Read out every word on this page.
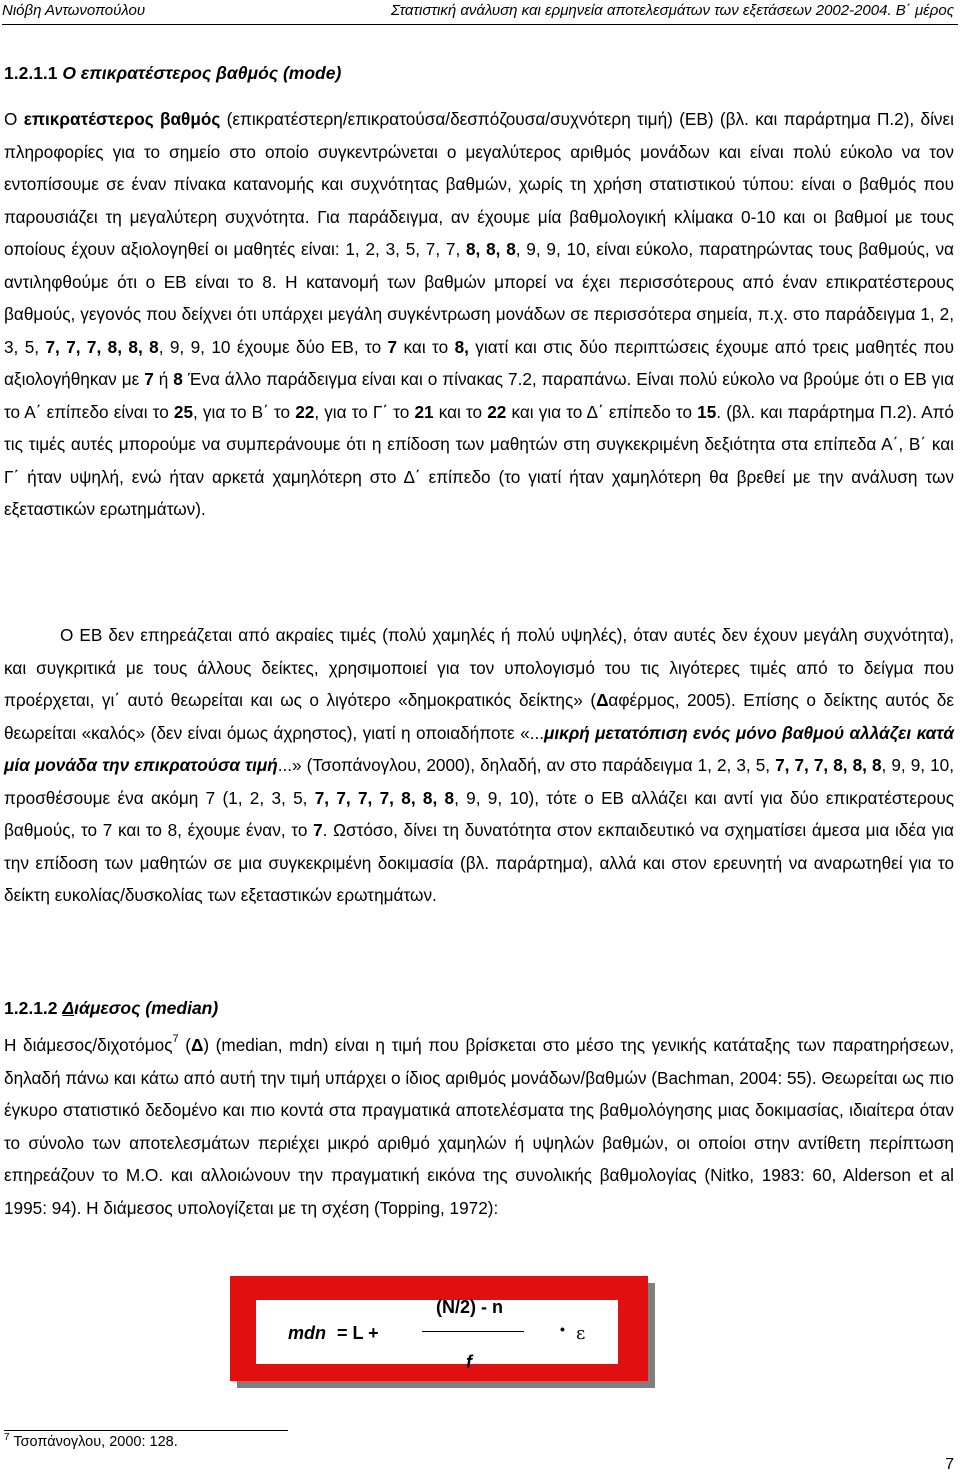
Νιόβη Αντωνοπούλου	Στατιστική ανάλυση και ερμηνεία αποτελεσμάτων των εξετάσεων 2002-2004. Β΄ μέρος
1.2.1.1 Ο επικρατέστερος βαθμός (mode)
Ο επικρατέστερος βαθμός (επικρατέστερη/επικρατούσα/δεσπόζουσα/συχνότερη τιμή) (ΕΒ) (βλ. και παράρτημα Π.2), δίνει πληροφορίες για το σημείο στο οποίο συγκεντρώνεται ο μεγαλύτερος αριθμός μονάδων και είναι πολύ εύκολο να τον εντοπίσουμε σε έναν πίνακα κατανομής και συχνότητας βαθμών, χωρίς τη χρήση στατιστικού τύπου: είναι ο βαθμός που παρουσιάζει τη μεγαλύτερη συχνότητα. Για παράδειγμα, αν έχουμε μία βαθμολογική κλίμακα 0-10 και οι βαθμοί με τους οποίους έχουν αξιολογηθεί οι μαθητές είναι: 1, 2, 3, 5, 7, 7, 8, 8, 8, 9, 9, 10, είναι εύκολο, παρατηρώντας τους βαθμούς, να αντιληφθούμε ότι ο ΕΒ είναι το 8. Η κατανομή των βαθμών μπορεί να έχει περισσότερους από έναν επικρατέστερους βαθμούς, γεγονός που δείχνει ότι υπάρχει μεγάλη συγκέντρωση μονάδων σε περισσότερα σημεία, π.χ. στο παράδειγμα 1, 2, 3, 5, 7, 7, 7, 8, 8, 8, 9, 9, 10 έχουμε δύο ΕΒ, το 7 και το 8, γιατί και στις δύο περιπτώσεις έχουμε από τρεις μαθητές που αξιολογήθηκαν με 7 ή 8 Ένα άλλο παράδειγμα είναι και ο πίνακας 7.2, παραπάνω. Είναι πολύ εύκολο να βρούμε ότι ο ΕΒ για το Α΄ επίπεδο είναι το 25, για το Β΄ το 22, για το Γ΄ το 21 και το 22 και για το Δ΄ επίπεδο το 15. (βλ. και παράρτημα Π.2). Από τις τιμές αυτές μπορούμε να συμπεράνουμε ότι η επίδοση των μαθητών στη συγκεκριμένη δεξιότητα στα επίπεδα Α΄, Β΄ και Γ΄ ήταν υψηλή, ενώ ήταν αρκετά χαμηλότερη στο Δ΄ επίπεδο (το γιατί ήταν χαμηλότερη θα βρεθεί με την ανάλυση των εξεταστικών ερωτημάτων).
Ο ΕΒ δεν επηρεάζεται από ακραίες τιμές (πολύ χαμηλές ή πολύ υψηλές), όταν αυτές δεν έχουν μεγάλη συχνότητα), και συγκριτικά με τους άλλους δείκτες, χρησιμοποιεί για τον υπολογισμό του τις λιγότερες τιμές από το δείγμα που προέρχεται, γι΄ αυτό θεωρείται και ως ο λιγότερο «δημοκρατικός δείκτης» (Δαφέρμος, 2005). Επίσης ο δείκτης αυτός δε θεωρείται «καλός» (δεν είναι όμως άχρηστος), γιατί η οποιαδήποτε «...μικρή μετατόπιση ενός μόνο βαθμού αλλάζει κατά μία μονάδα την επικρατούσα τιμή...» (Τσοπάνογλου, 2000), δηλαδή, αν στο παράδειγμα 1, 2, 3, 5, 7, 7, 7, 8, 8, 8, 9, 9, 10, προσθέσουμε ένα ακόμη 7 (1, 2, 3, 5, 7, 7, 7, 7, 8, 8, 8, 9, 9, 10), τότε ο ΕΒ αλλάζει και αντί για δύο επικρατέστερους βαθμούς, το 7 και το 8, έχουμε έναν, το 7. Ωστόσο, δίνει τη δυνατότητα στον εκπαιδευτικό να σχηματίσει άμεσα μια ιδέα για την επίδοση των μαθητών σε μια συγκεκριμένη δοκιμασία (βλ. παράρτημα), αλλά και στον ερευνητή να αναρωτηθεί για το δείκτη ευκολίας/δυσκολίας των εξεταστικών ερωτημάτων.
1.2.1.2 Διάμεσος (median)
Η διάμεσος/διχοτόμος$^7$ (Δ) (median, mdn) είναι η τιμή που βρίσκεται στο μέσο της γενικής κατάταξης των παρατηρήσεων, δηλαδή πάνω και κάτω από αυτή την τιμή υπάρχει ο ίδιος αριθμός μονάδων/βαθμών (Bachman, 2004: 55). Θεωρείται ως πιο έγκυρο στατιστικό δεδομένο και πιο κοντά στα πραγματικά αποτελέσματα της βαθμολόγησης μιας δοκιμασίας, ιδιαίτερα όταν το σύνολο των αποτελεσμάτων περιέχει μικρό αριθμό χαμηλών ή υψηλών βαθμών, οι οποίοι στην αντίθετη περίπτωση επηρεάζουν το Μ.Ο. και αλλοιώνουν την πραγματική εικόνα της συνολικής βαθμολογίας (Nitko, 1983: 60, Alderson et al 1995: 94). Η διάμεσος υπολογίζεται με τη σχέση (Topping, 1972):
mdn = L +
(N/2) - n
f
• ε
$^7$ Τσοπάνογλου, 2000: 128.
7
